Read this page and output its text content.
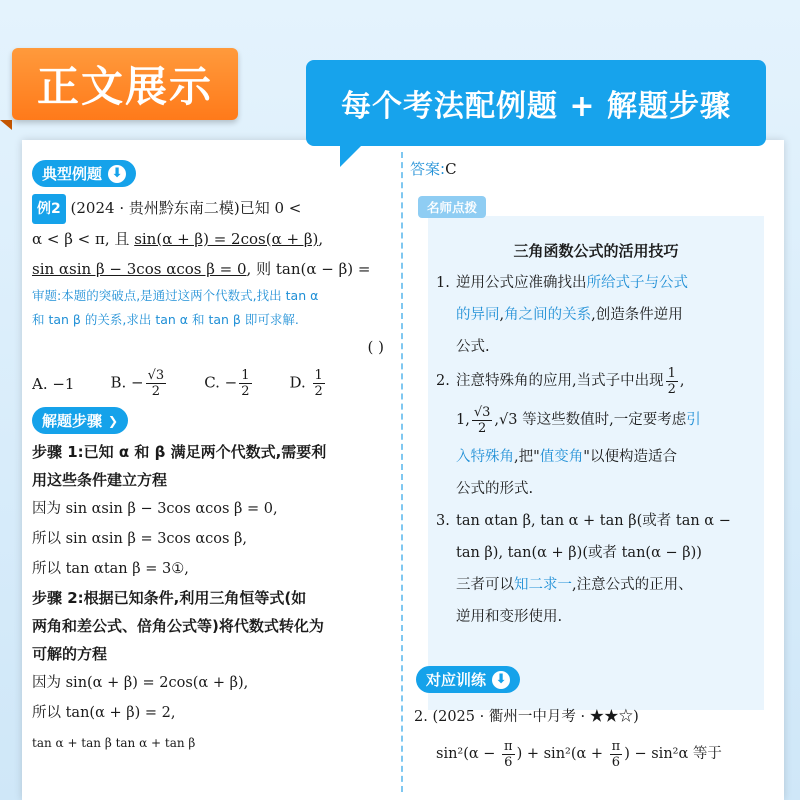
正文展示	每个考法配例题 + 解题步骤
典型例题 ⬇
例2 (2024 · 贵州黔东南二模)已知 0 <
α < β < π, 且 sin(α + β) = 2cos(α + β),
sin αsin β − 3cos αcos β = 0, 则 tan(α − β) =
审题:本题的突破点,是通过这两个代数式,找出 tan α
和 tan β 的关系,求出 tan α 和 tan β 即可求解.
( )
A. −1 B. − $\frac{√3}{2}$	C. − $\frac{1}{2}$	D. $\frac{1}{2}$
解题步骤 ❯
步骤 1:已知 α 和 β 满足两个代数式,需要利
用这些条件建立方程
因为 sin αsin β − 3cos αcos β = 0,
所以 sin αsin β = 3cos αcos β,
所以 tan αtan β = 3①,
步骤 2:根据已知条件,利用三角恒等式(如
两角和差公式、倍角公式等)将代数式转化为
可解的方程
因为 sin(α + β) = 2cos(α + β),
所以 tan(α + β) = 2,
tan α + tan β tan α + tan β
答案:C
三角函数公式的活用技巧
1. 逆用公式应准确找出所给式子与公式
的异同,角之间的关系,创造条件逆用
公式.
2. 注意特殊角的应用,当式子中出现 $\frac{1}{2}$ ,
1, $\frac{√3}{2} ,√3$ 等这些数值时,一定要考虑引
入特殊角,把"值变角"以便构造适合
公式的形式.
3. tan αtan β, tan α + tan β(或者 tan α −
tan β), tan(α + β)(或者 tan(α − β))
三者可以知二求一,注意公式的正用、
逆用和变形使用.
名师点拨
对应训练 ⬇
2. (2025 · 衢州一中月考 · ★★☆)
$\sin^2(\alpha - \frac{\pi}{6}$ ) + $\sin^2(\alpha + \frac{\pi}{6}$ ) − sin²α 等于
